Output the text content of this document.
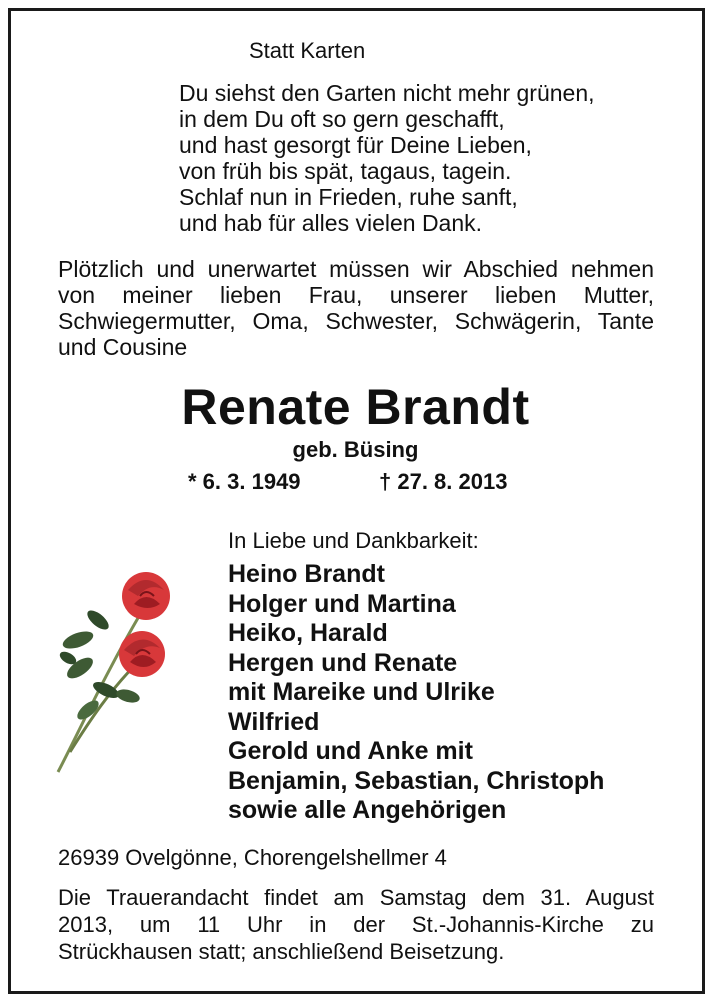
Statt Karten
Du siehst den Garten nicht mehr grünen,
in dem Du oft so gern geschafft,
und hast gesorgt für Deine Lieben,
von früh bis spät, tagaus, tagein.
Schlaf nun in Frieden, ruhe sanft,
und hab für alles vielen Dank.
Plötzlich und unerwartet müssen wir Abschied nehmen
von meiner lieben Frau, unserer lieben Mutter,
Schwiegermutter, Oma, Schwester, Schwägerin, Tante
und Cousine
Renate Brandt
geb. Büsing
* 6. 3. 1949	† 27. 8. 2013
In Liebe und Dankbarkeit:
Heino Brandt
Holger und Martina
Heiko, Harald
Hergen und Renate
mit Mareike und Ulrike
Wilfried
Gerold und Anke mit
Benjamin, Sebastian, Christoph
sowie alle Angehörigen
26939 Ovelgönne, Chorengelshellmer 4
Die Trauerandacht findet am Samstag dem 31. August
2013, um 11 Uhr in der St.-Johannis-Kirche zu
Strückhausen statt; anschließend Beisetzung.
